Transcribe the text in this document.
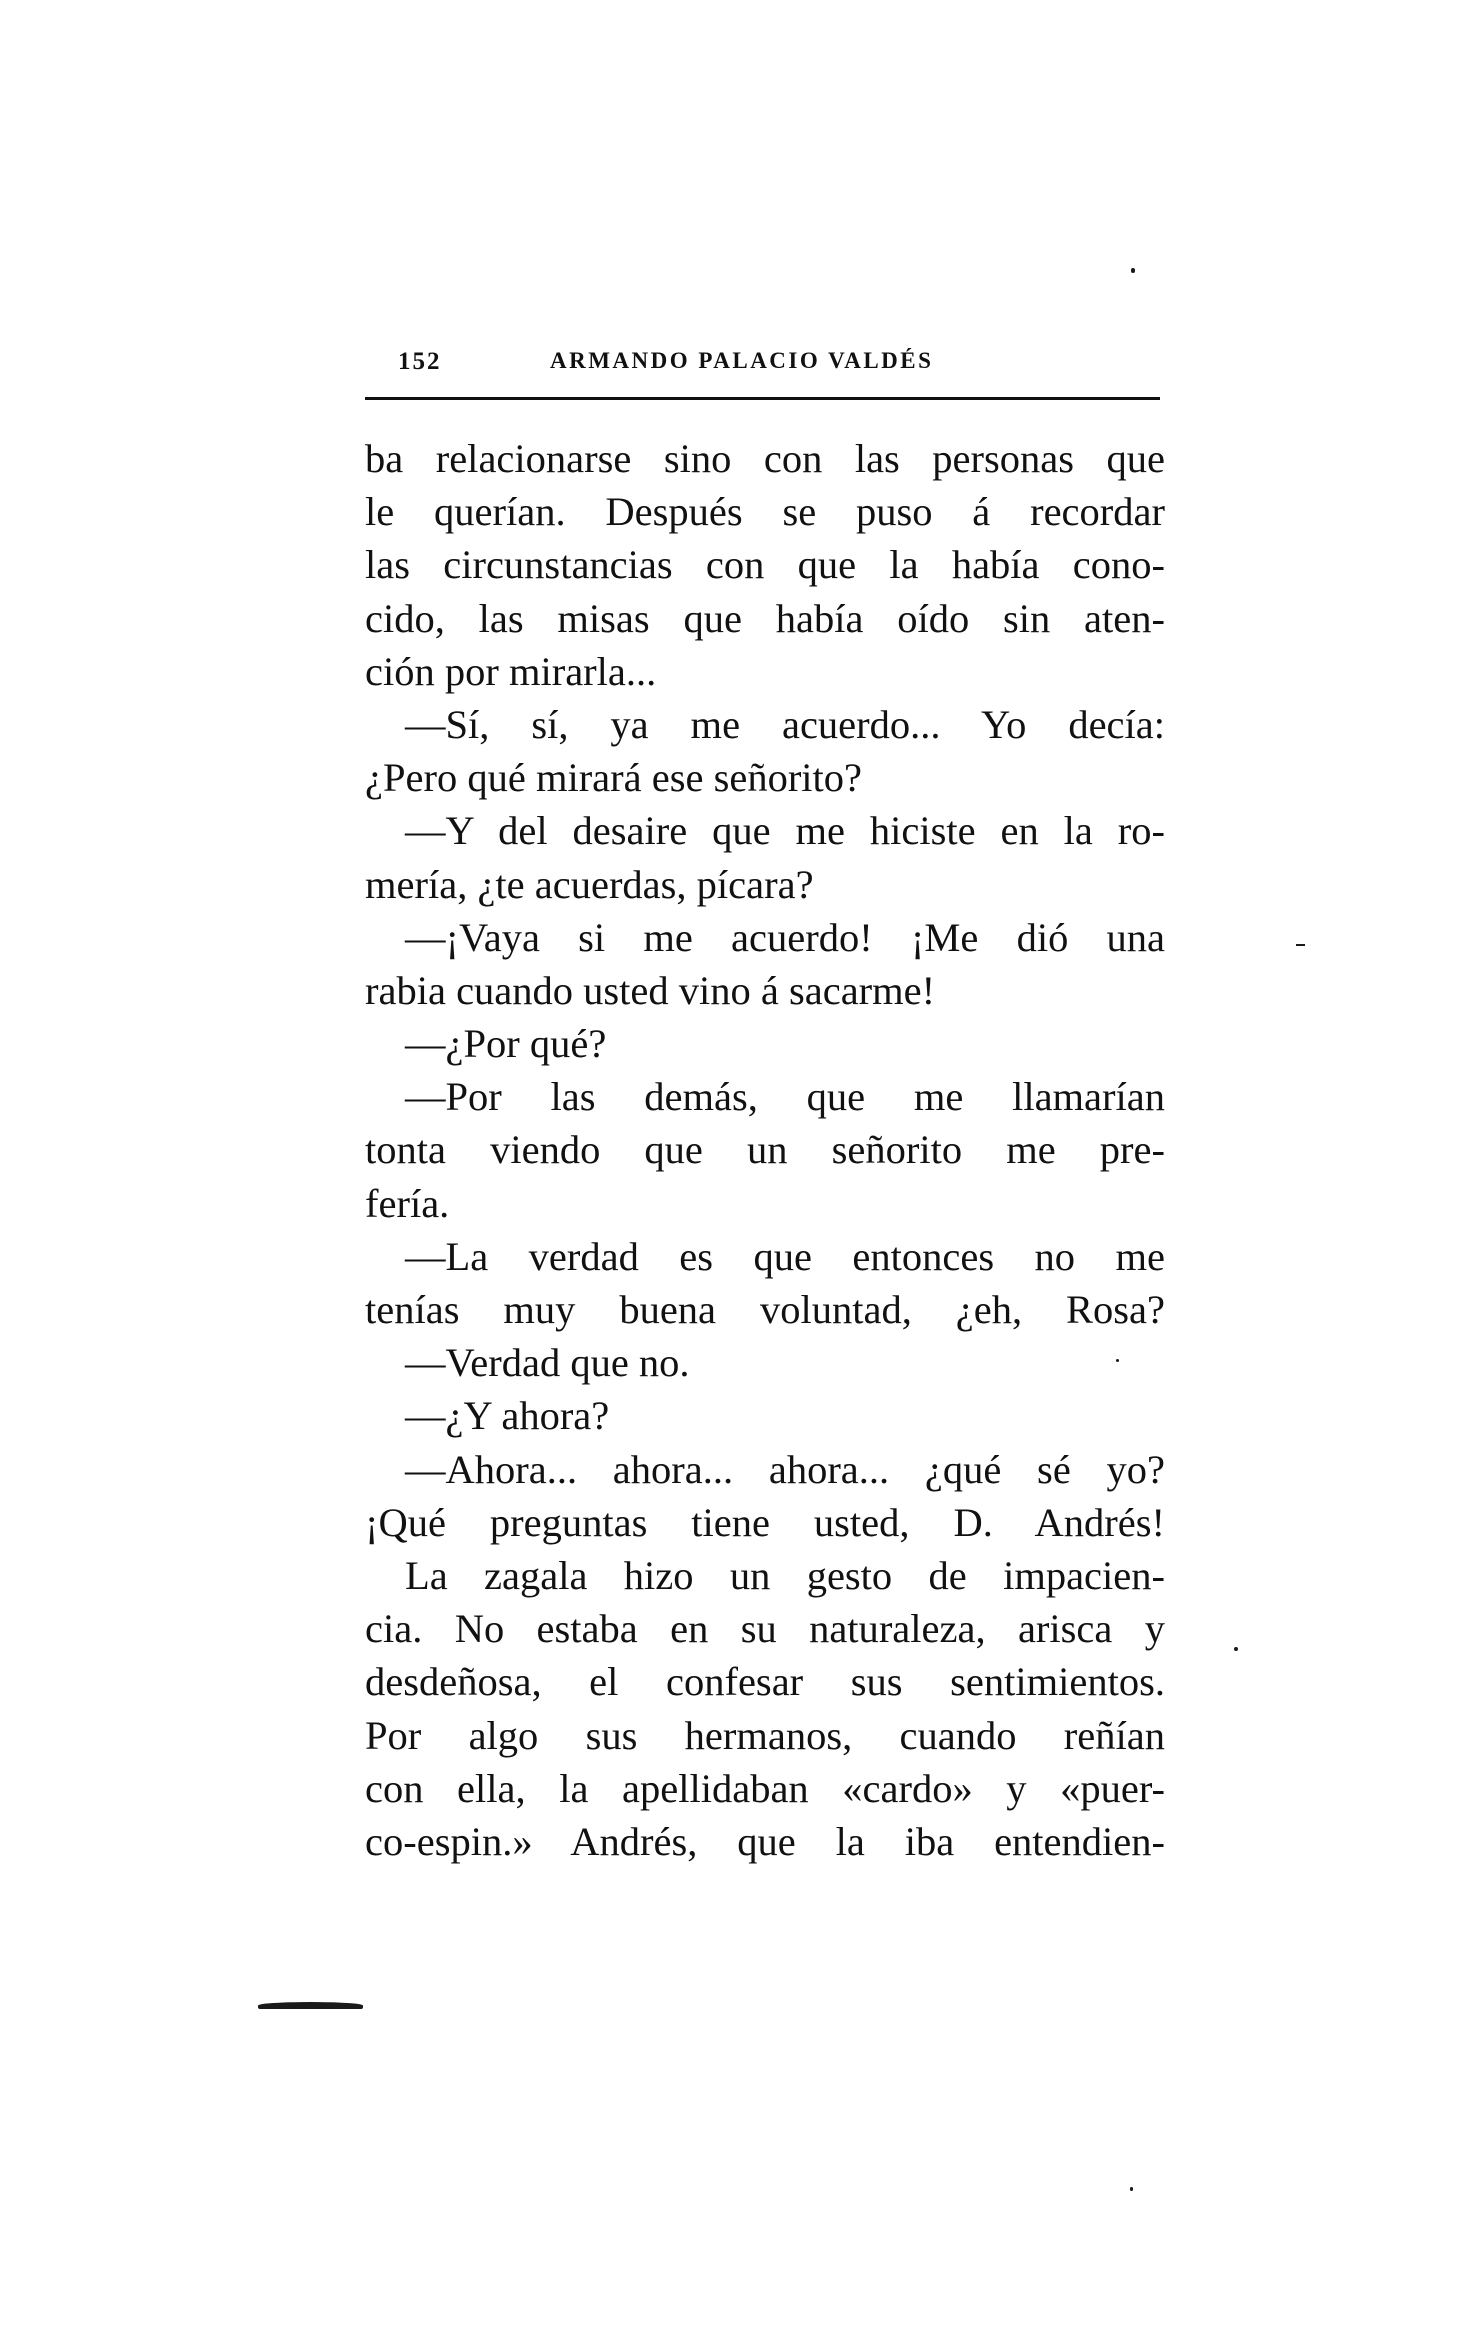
152	ARMANDO PALACIO VALDÉS
ba relacionarse sino con las personas que
le querían. Después se puso á recordar
las circunstancias con que la había cono-
cido, las misas que había oído sin aten-
ción por mirarla...
—Sí, sí, ya me acuerdo... Yo decía:
¿Pero qué mirará ese señorito?
—Y del desaire que me hiciste en la ro-
mería, ¿te acuerdas, pícara?
—¡Vaya si me acuerdo! ¡Me dió una
rabia cuando usted vino á sacarme!
—¿Por qué?
—Por las demás, que me llamarían
tonta viendo que un señorito me pre-
fería.
—La verdad es que entonces no me
tenías muy buena voluntad, ¿eh, Rosa?
—Verdad que no.
—¿Y ahora?
—Ahora... ahora... ahora... ¿qué sé yo?
¡Qué preguntas tiene usted, D. Andrés!
La zagala hizo un gesto de impacien-
cia. No estaba en su naturaleza, arisca y
desdeñosa, el confesar sus sentimientos.
Por algo sus hermanos, cuando reñían
con ella, la apellidaban «cardo» y «puer-
co-espin.» Andrés, que la iba entendien-
